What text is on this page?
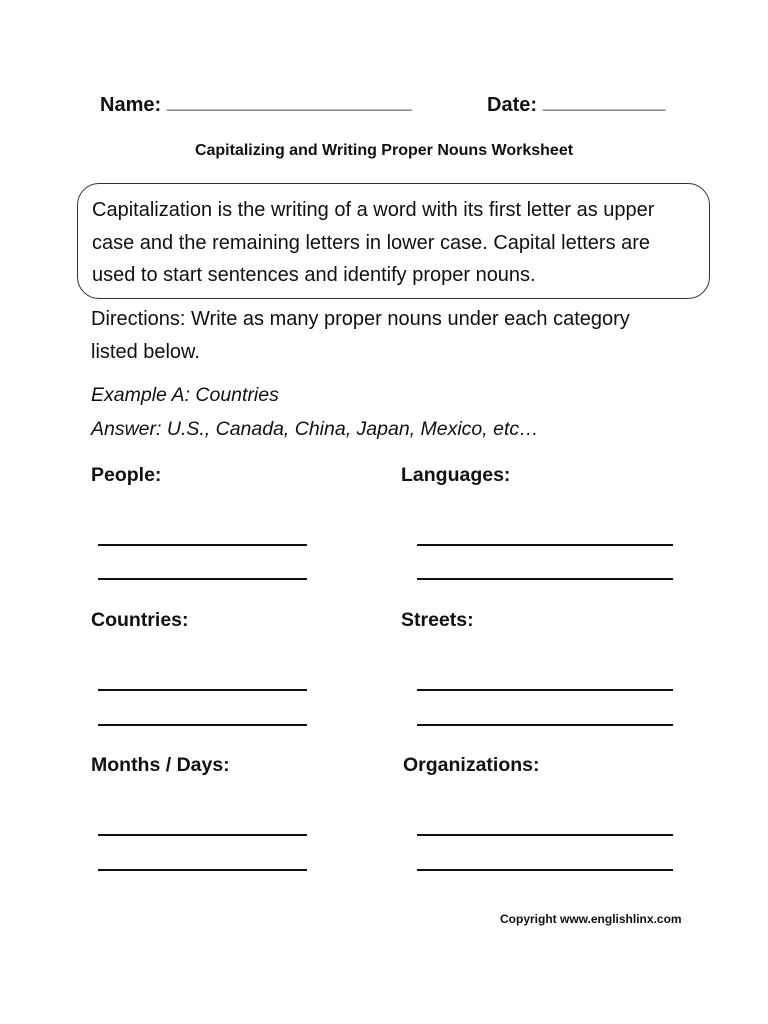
Name: ______________________	Date: ___________
Capitalizing and Writing Proper Nouns Worksheet
Capitalization is the writing of a word with its first letter as upper
case and the remaining letters in lower case. Capital letters are
used to start sentences and identify proper nouns.
Directions: Write as many proper nouns under each category
listed below.
Example A: Countries
Answer: U.S., Canada, China, Japan, Mexico, etc…
People:	Languages:
Countries:	Streets:
Months / Days:	Organizations:
Copyright www.englishlinx.com
